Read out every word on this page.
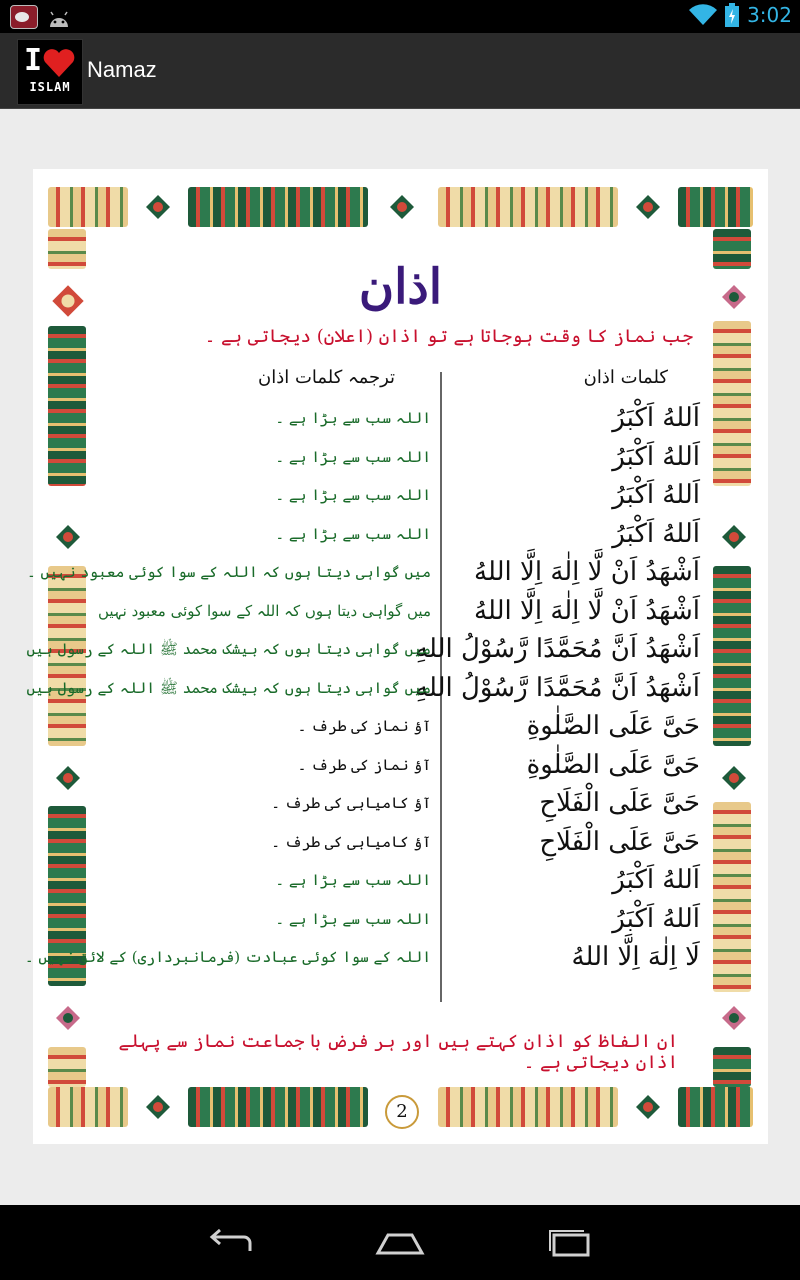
3:02
I
ISLAM
Namaz
اذان
جب نماز کا وقت ہوجاتا ہے تو اذان (اعلان) دیجاتی ہے ۔
کلمات اذان
ترجمہ کلمات اذان
اَللهُ اَکْبَرُ
اللہ سب سے بڑا ہے ۔
اَللهُ اَکْبَرُ
اللہ سب سے بڑا ہے ۔
اَللهُ اَکْبَرُ
اللہ سب سے بڑا ہے ۔
اَللهُ اَکْبَرُ
اللہ سب سے بڑا ہے ۔
اَشْهَدُ اَنْ لَّا اِلٰهَ اِلَّا اللهُ
میں گواہی دیتا ہوں کہ اللہ کے سوا کوئی معبود نہیں ۔
اَشْهَدُ اَنْ لَّا اِلٰهَ اِلَّا اللهُ
میں گواہی دیتا ہوں کہ اللہ کے سوا کوئی معبود نہیں
اَشْهَدُ اَنَّ مُحَمَّدًا رَّسُوْلُ اللهِ
میں گواہی دیتا ہوں کہ بیشک محمد ﷺ اللہ کے رسول ہیں
اَشْهَدُ اَنَّ مُحَمَّدًا رَّسُوْلُ اللهِ
میں گواہی دیتا ہوں کہ بیشک محمد ﷺ اللہ کے رسول ہیں
حَیَّ عَلَی الصَّلٰوةِ
آؤ نماز کی طرف ۔
حَیَّ عَلَی الصَّلٰوةِ
آؤ نماز کی طرف ۔
حَیَّ عَلَی الْفَلَاحِ
آؤ کامیابی کی طرف ۔
حَیَّ عَلَی الْفَلَاحِ
آؤ کامیابی کی طرف ۔
اَللهُ اَکْبَرُ
اللہ سب سے بڑا ہے ۔
اَللهُ اَکْبَرُ
اللہ سب سے بڑا ہے ۔
لَا اِلٰهَ اِلَّا اللهُ
اللہ کے سوا کوئی عبادت (فرمانبرداری) کے لائق نہیں ۔
ان الفاظ کو اذان کہتے ہیں اور ہر فرض با جماعت نماز سے پہلے اذان دیجاتی ہے ۔
2
